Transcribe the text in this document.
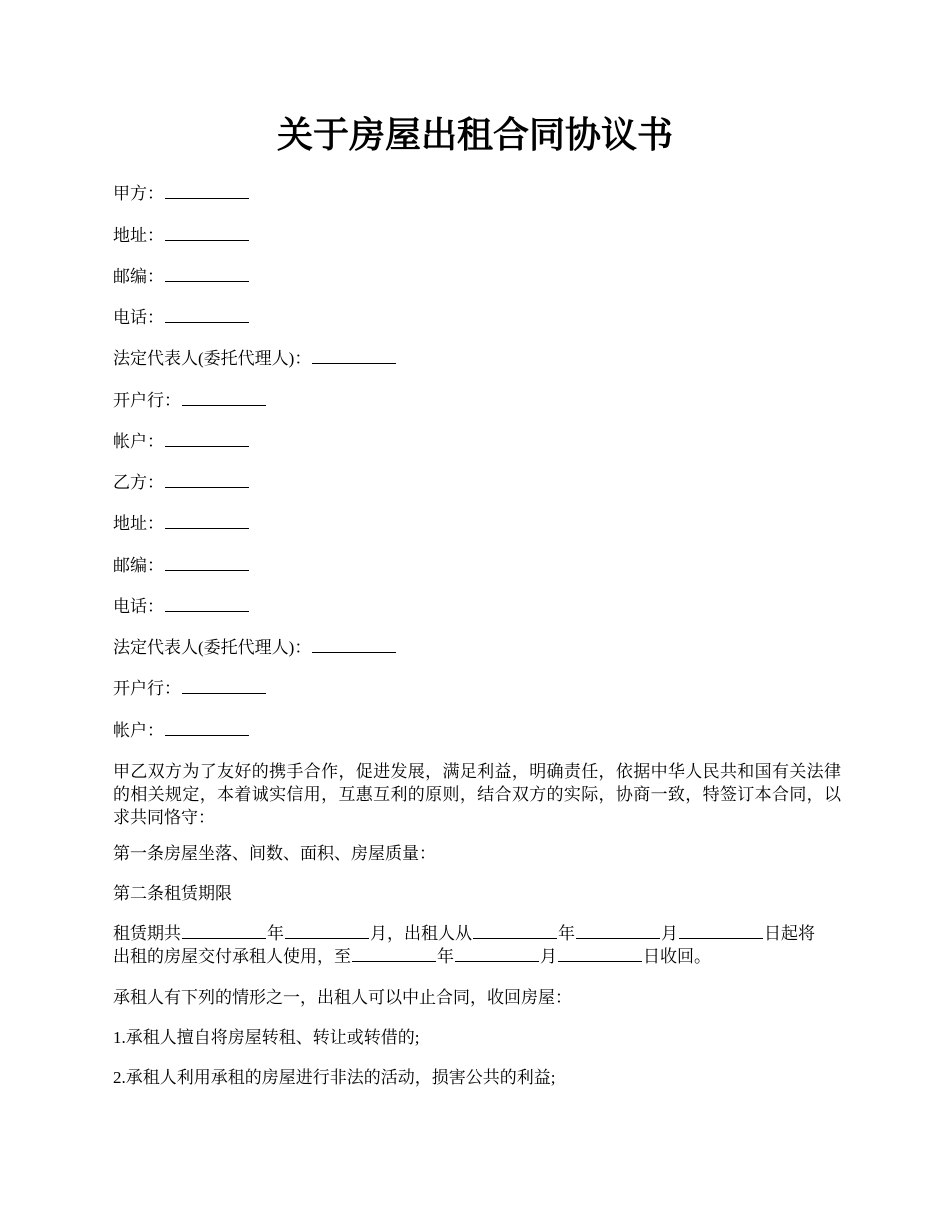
关于房屋出租合同协议书
甲方：
地址：
邮编：
电话：
法定代表人(委托代理人)：
开户行：
帐户：
乙方：
地址：
邮编：
电话：
法定代表人(委托代理人)：
开户行：
帐户：
甲乙双方为了友好的携手合作，促进发展，满足利益，明确责任，依据中华人民共和国有关法律的相关规定，本着诚实信用，互惠互利的原则，结合双方的实际，协商一致，特签订本合同，以求共同恪守：
第一条房屋坐落、间数、面积、房屋质量：
第二条租赁期限
租赁期共	年	月，出租人从	年	月	日起将
出租的房屋交付承租人使用，至	年	月	日收回。
承租人有下列的情形之一，出租人可以中止合同，收回房屋：
1.承租人擅自将房屋转租、转让或转借的;
2.承租人利用承租的房屋进行非法的活动，损害公共的利益;
